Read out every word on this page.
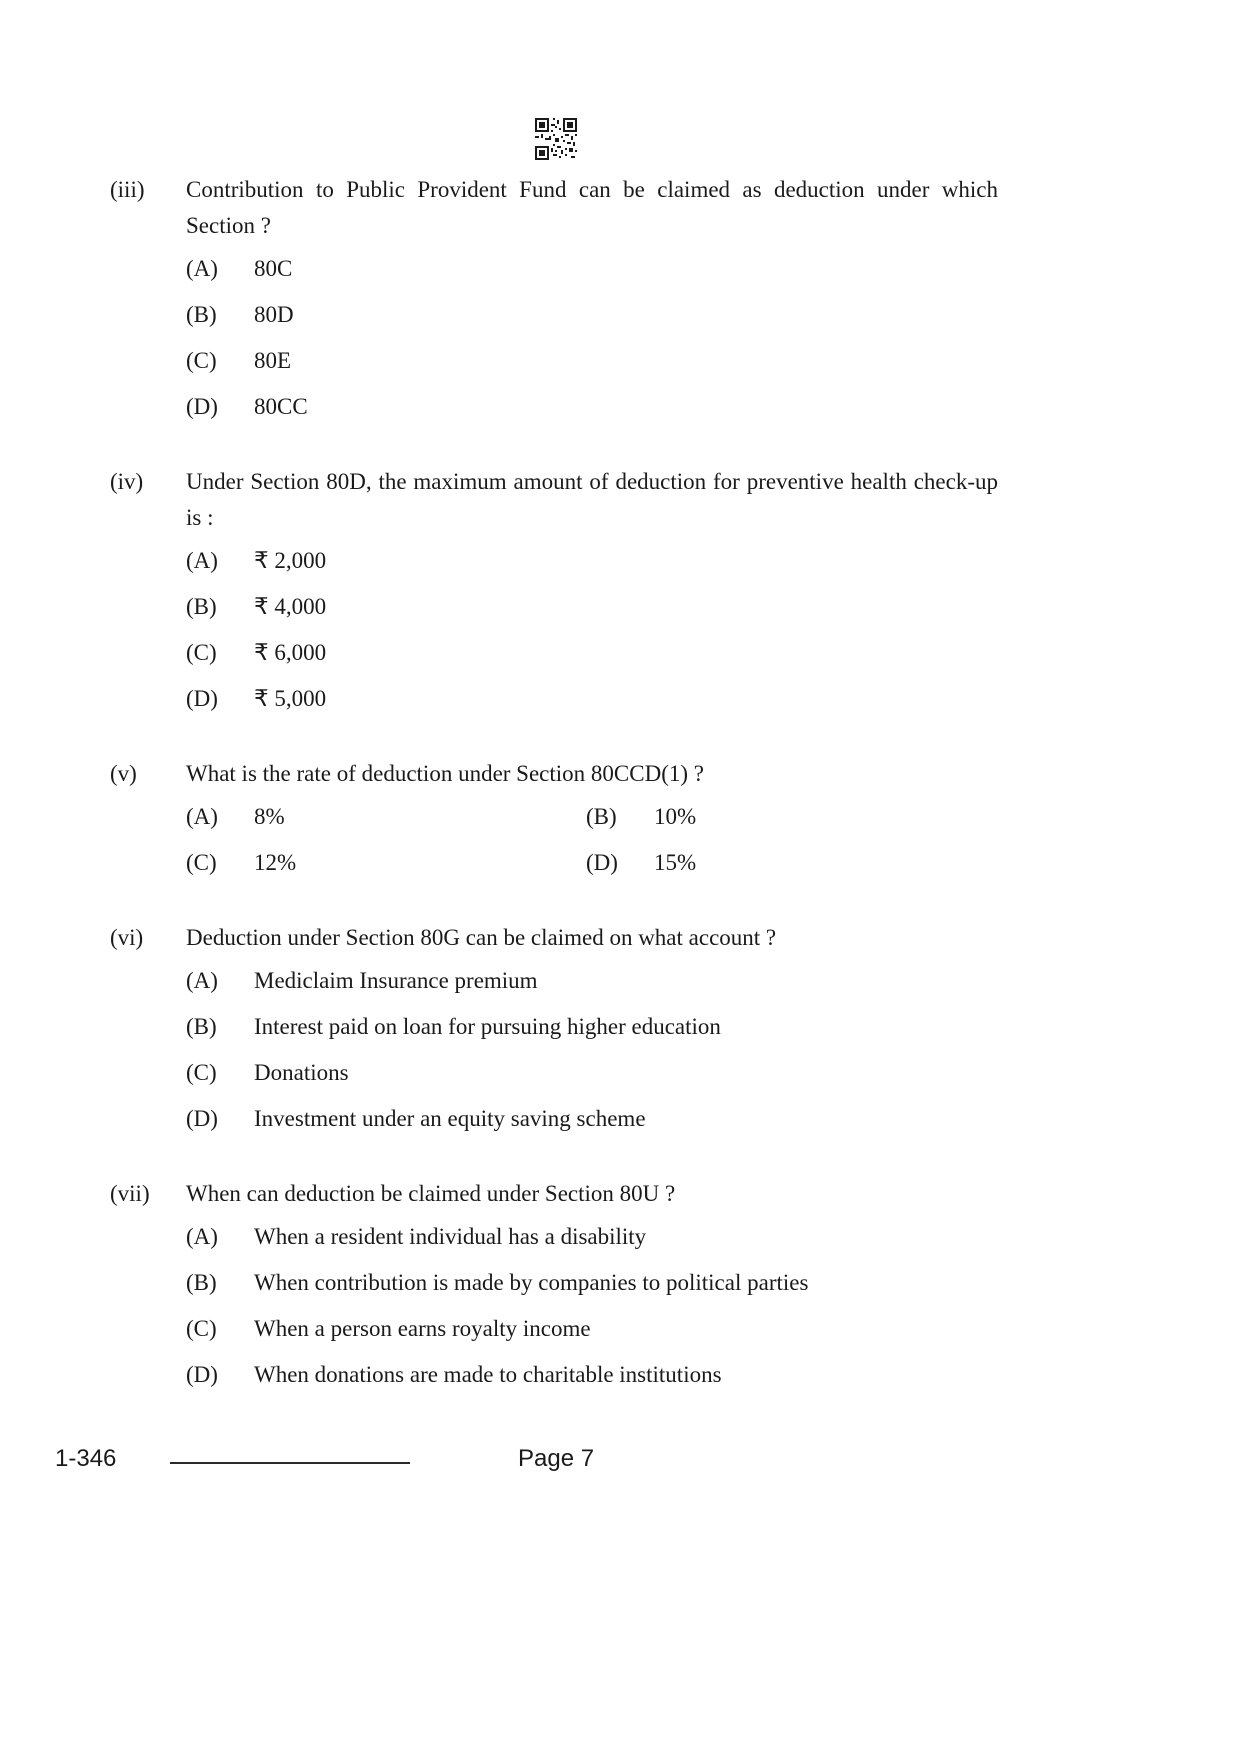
(iii)	Contribution to Public Provident Fund can be claimed as deduction under which Section ?

(A)	80C
(B)	80D
(C)	80E
(D)	80CC
(iv)	Under Section 80D, the maximum amount of deduction for preventive health check-up is :

(A)	₹ 2,000
(B)	₹ 4,000
(C)	₹ 6,000
(D)	₹ 5,000
(v)	What is the rate of deduction under Section 80CCD(1) ?

(A)	8%	(B)	10%
(C)	12%	(D)	15%
(vi)	Deduction under Section 80G can be claimed on what account ?

(A)	Mediclaim Insurance premium
(B)	Interest paid on loan for pursuing higher education
(C)	Donations
(D)	Investment under an equity saving scheme
(vii)	When can deduction be claimed under Section 80U ?

(A)	When a resident individual has a disability
(B)	When contribution is made by companies to political parties
(C)	When a person earns royalty income
(D)	When donations are made to charitable institutions
1-346	Page 7
